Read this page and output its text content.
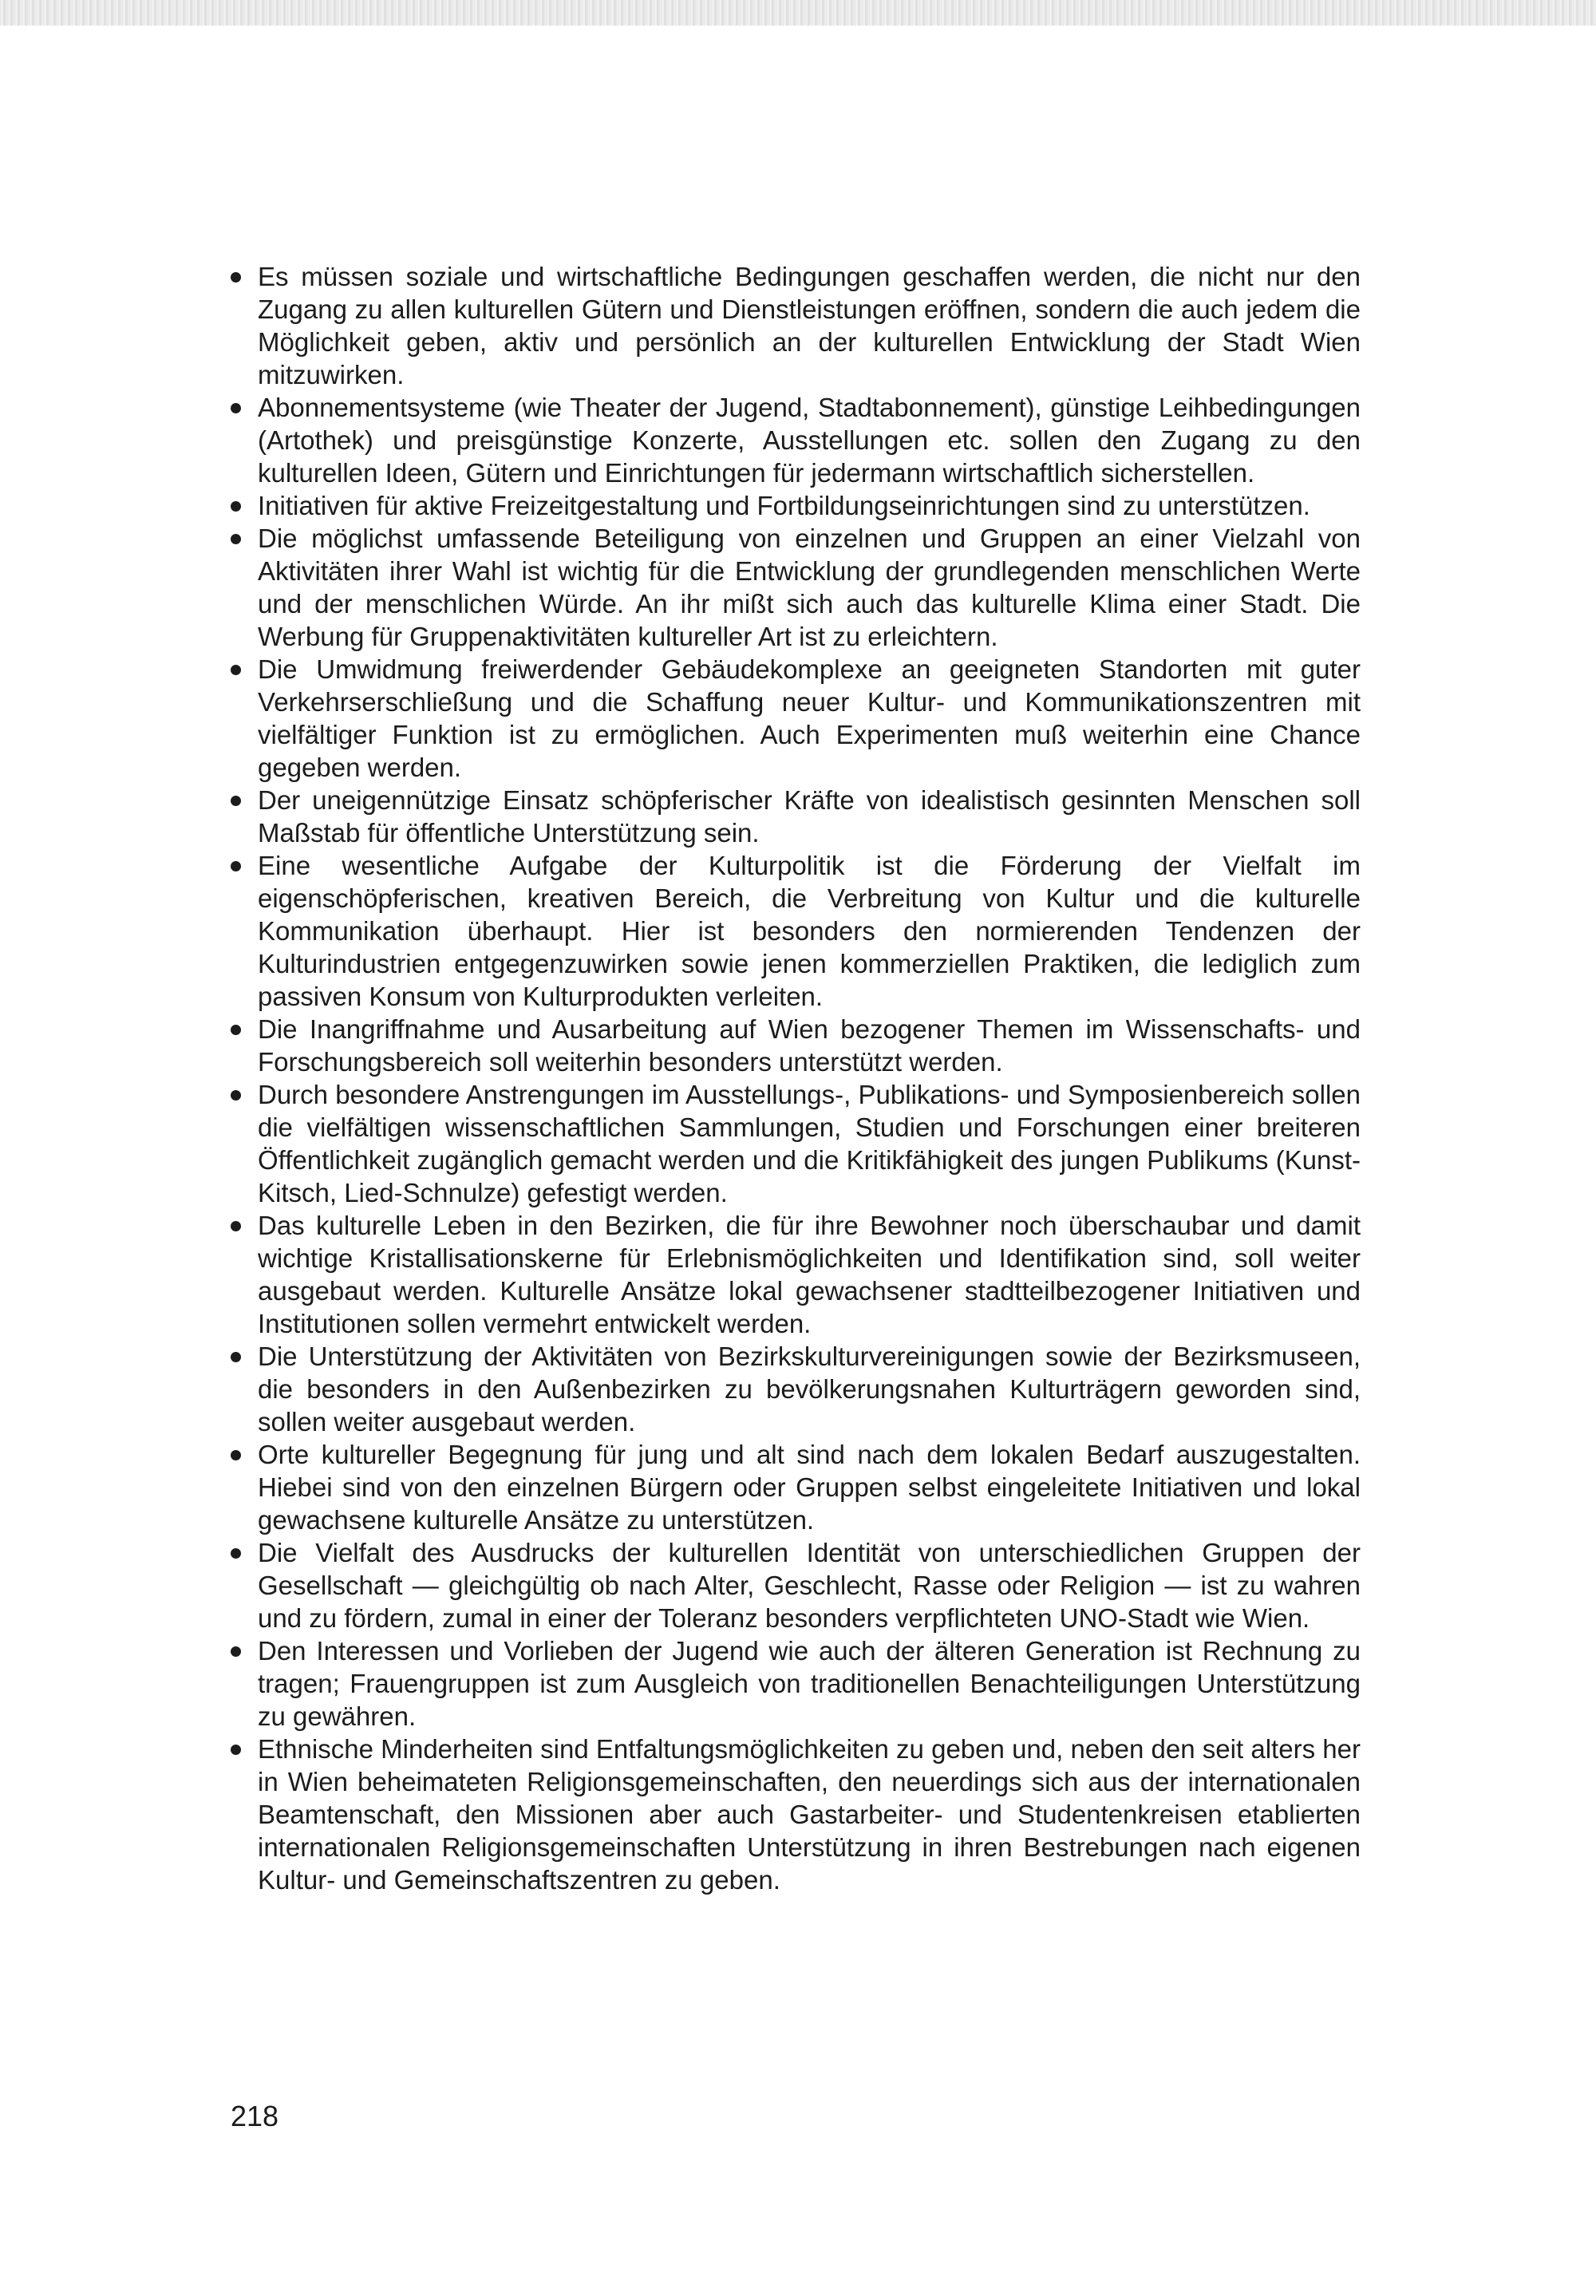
Es müssen soziale und wirtschaftliche Bedingungen geschaffen werden, die nicht nur den Zugang zu allen kulturellen Gütern und Dienstleistungen eröffnen, sondern die auch jedem die Möglichkeit geben, aktiv und persönlich an der kulturellen Entwicklung der Stadt Wien mitzuwirken.
Abonnementsysteme (wie Theater der Jugend, Stadtabonnement), günstige Leihbedingungen (Artothek) und preisgünstige Konzerte, Ausstellungen etc. sollen den Zugang zu den kulturellen Ideen, Gütern und Einrichtungen für jedermann wirtschaftlich sicherstellen.
Initiativen für aktive Freizeitgestaltung und Fortbildungseinrichtungen sind zu unterstützen.
Die möglichst umfassende Beteiligung von einzelnen und Gruppen an einer Vielzahl von Aktivitäten ihrer Wahl ist wichtig für die Entwicklung der grundlegenden menschlichen Werte und der menschlichen Würde. An ihr mißt sich auch das kulturelle Klima einer Stadt. Die Werbung für Gruppenaktivitäten kultureller Art ist zu erleichtern.
Die Umwidmung freiwerdender Gebäudekomplexe an geeigneten Standorten mit guter Verkehrserschließung und die Schaffung neuer Kultur- und Kommunikationszentren mit vielfältiger Funktion ist zu ermöglichen. Auch Experimenten muß weiterhin eine Chance gegeben werden.
Der uneigennützige Einsatz schöpferischer Kräfte von idealistisch gesinnten Menschen soll Maßstab für öffentliche Unterstützung sein.
Eine wesentliche Aufgabe der Kulturpolitik ist die Förderung der Vielfalt im eigenschöpferischen, kreativen Bereich, die Verbreitung von Kultur und die kulturelle Kommunikation überhaupt. Hier ist besonders den normierenden Tendenzen der Kulturindustrien entgegenzuwirken sowie jenen kommerziellen Praktiken, die lediglich zum passiven Konsum von Kulturprodukten verleiten.
Die Inangriffnahme und Ausarbeitung auf Wien bezogener Themen im Wissenschafts- und Forschungsbereich soll weiterhin besonders unterstützt werden.
Durch besondere Anstrengungen im Ausstellungs-, Publikations- und Symposienbereich sollen die vielfältigen wissenschaftlichen Sammlungen, Studien und Forschungen einer breiteren Öffentlichkeit zugänglich gemacht werden und die Kritikfähigkeit des jungen Publikums (Kunst-Kitsch, Lied-Schnulze) gefestigt werden.
Das kulturelle Leben in den Bezirken, die für ihre Bewohner noch überschaubar und damit wichtige Kristallisationskerne für Erlebnismöglichkeiten und Identifikation sind, soll weiter ausgebaut werden. Kulturelle Ansätze lokal gewachsener stadtteilbezogener Initiativen und Institutionen sollen vermehrt entwickelt werden.
Die Unterstützung der Aktivitäten von Bezirkskulturvereinigungen sowie der Bezirksmuseen, die besonders in den Außenbezirken zu bevölkerungsnahen Kulturträgern geworden sind, sollen weiter ausgebaut werden.
Orte kultureller Begegnung für jung und alt sind nach dem lokalen Bedarf auszugestalten. Hiebei sind von den einzelnen Bürgern oder Gruppen selbst eingeleitete Initiativen und lokal gewachsene kulturelle Ansätze zu unterstützen.
Die Vielfalt des Ausdrucks der kulturellen Identität von unterschiedlichen Gruppen der Gesellschaft — gleichgültig ob nach Alter, Geschlecht, Rasse oder Religion — ist zu wahren und zu fördern, zumal in einer der Toleranz besonders verpflichteten UNO-Stadt wie Wien.
Den Interessen und Vorlieben der Jugend wie auch der älteren Generation ist Rechnung zu tragen; Frauengruppen ist zum Ausgleich von traditionellen Benachteiligungen Unterstützung zu gewähren.
Ethnische Minderheiten sind Entfaltungsmöglichkeiten zu geben und, neben den seit alters her in Wien beheimateten Religionsgemeinschaften, den neuerdings sich aus der internationalen Beamtenschaft, den Missionen aber auch Gastarbeiter- und Studentenkreisen etablierten internationalen Religionsgemeinschaften Unterstützung in ihren Bestrebungen nach eigenen Kultur- und Gemeinschaftszentren zu geben.
218
